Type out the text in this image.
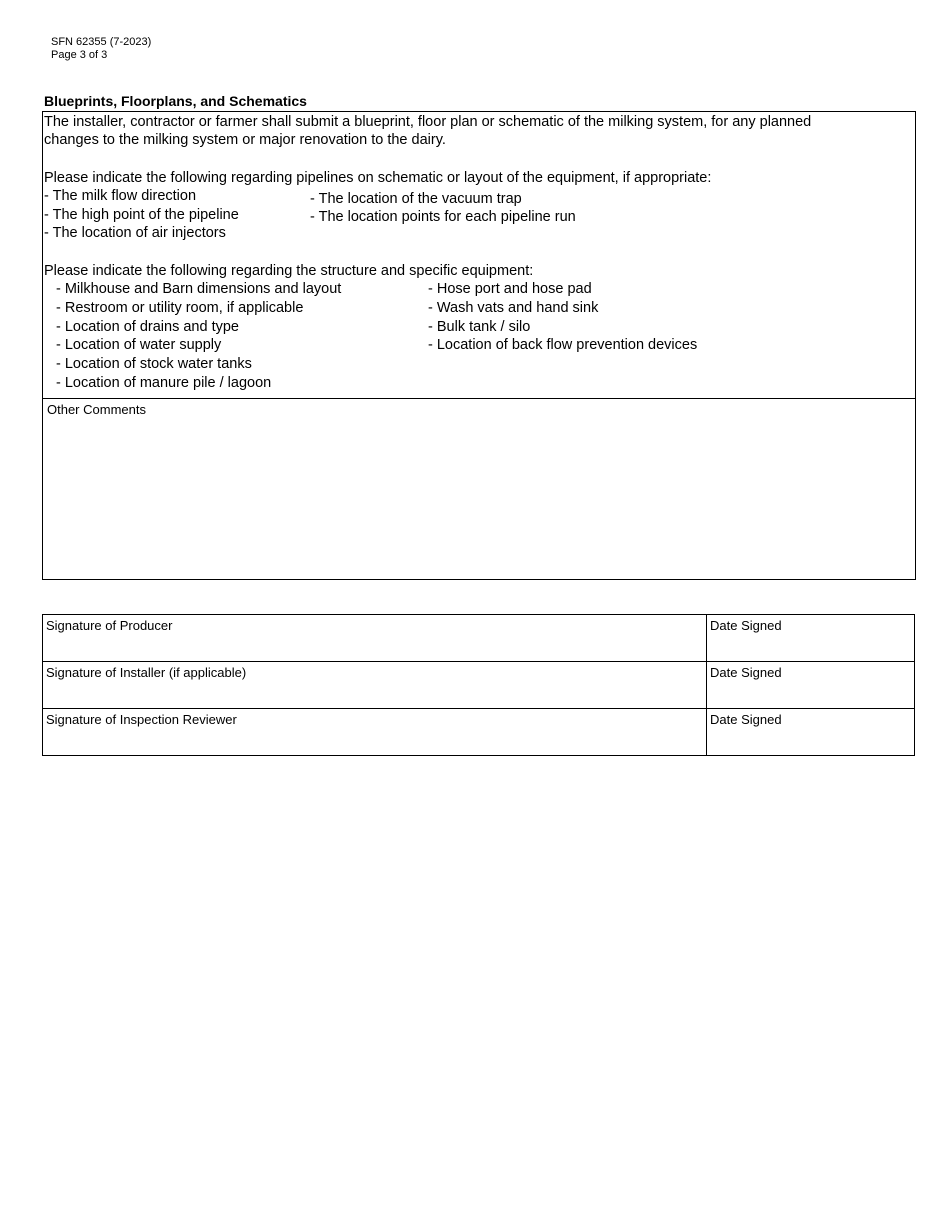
SFN 62355 (7-2023)
Page 3 of 3
Blueprints, Floorplans, and Schematics
The installer, contractor or farmer shall submit a blueprint, floor plan or schematic of the milking system, for any planned
changes to the milking system or major renovation to the dairy.
Please indicate the following regarding pipelines on schematic or layout of the equipment, if appropriate:
- The milk flow direction
- The high point of the pipeline
- The location of air injectors
- The location of the vacuum trap
- The location points for each pipeline run
Please indicate the following regarding the structure and specific equipment:
- Milkhouse and Barn dimensions and layout
- Restroom or utility room, if applicable
- Location of drains and type
- Location of water supply
- Location of stock water tanks
- Location of manure pile / lagoon
- Hose port and hose pad
- Wash vats and hand sink
- Bulk tank / silo
- Location of back flow prevention devices
Other Comments
Signature of Producer	Date Signed
Signature of Installer (if applicable)	Date Signed
Signature of Inspection Reviewer	Date Signed
